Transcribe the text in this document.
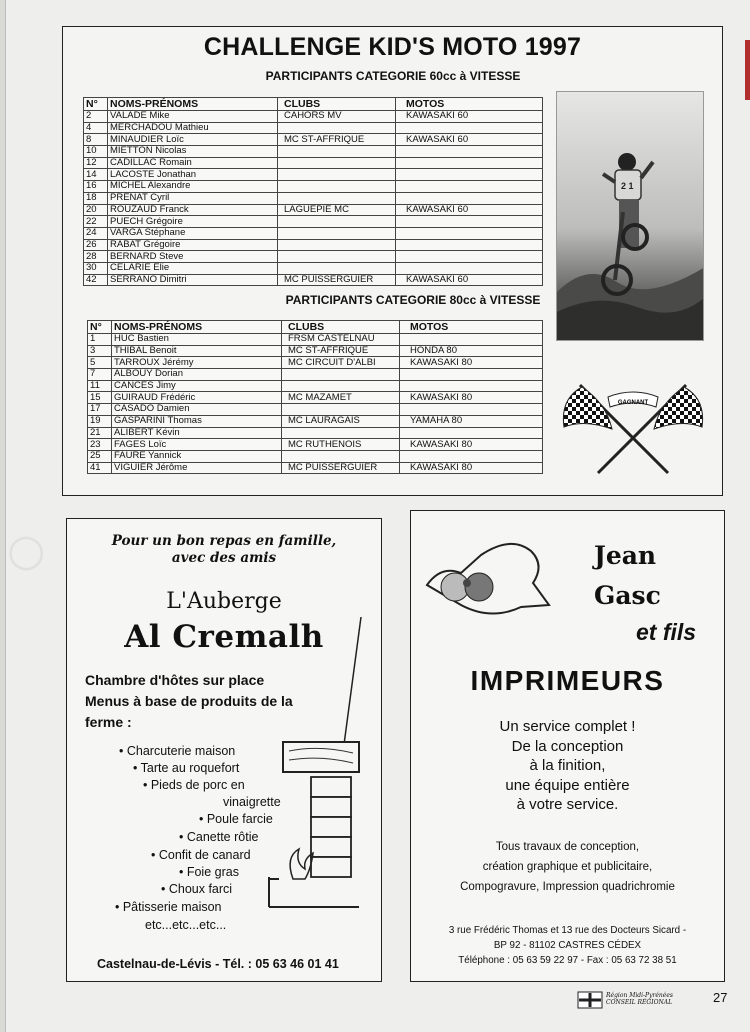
CHALLENGE KID'S MOTO 1997
PARTICIPANTS CATEGORIE 60cc à VITESSE
N°	NOMS-PRÉNOMS	CLUBS	MOTOS
2	VALADE Mike	CAHORS MV	KAWASAKI 60
4	MERCHADOU Mathieu		
8	MINAUDIER Loïc	MC ST-AFFRIQUE	KAWASAKI 60
10	MIETTON Nicolas		
12	CADILLAC Romain		
14	LACOSTE Jonathan		
16	MICHEL Alexandre		
18	PRENAT Cyril		
20	ROUZAUD Franck	LAGUEPIE MC	KAWASAKI 60
22	PUECH Grégoire		
24	VARGA Stéphane		
26	RABAT Grégoire		
28	BERNARD Steve		
30	CELARIE Elie		
42	SERRANO Dimitri	MC PUISSERGUIER	KAWASAKI 60
PARTICIPANTS CATEGORIE 80cc à VITESSE
N°	NOMS-PRÉNOMS	CLUBS	MOTOS
1	HUC Bastien	FRSM CASTELNAU	
3	THIBAL Benoit	MC ST-AFFRIQUE	HONDA 80
5	TARROUX Jérémy	MC CIRCUIT D'ALBI	KAWASAKI 80
7	ALBOUY Dorian		
11	CANCES Jimy		
15	GUIRAUD Frédéric	MC MAZAMET	KAWASAKI 80
17	CASADO Damien		
19	GASPARINI Thomas	MC LAURAGAIS	YAMAHA 80
21	ALIBERT Kévin		
23	FAGES Loïc	MC RUTHENOIS	KAWASAKI 80
25	FAURE Yannick		
41	VIGUIER Jérôme	MC PUISSERGUIER	KAWASAKI 80
2 1
GAGNANT
○	Pour un bon repas en famille, avec des amis
L'Auberge
Al Cremalh
Chambre d'hôtes sur place
Menus à base de produits de la ferme :
• Charcuterie maison
• Tarte au roquefort
• Pieds de porc en
vinaigrette
• Poule farcie
• Canette rôtie
• Confit de canard
• Foie gras
• Choux farci
• Pâtisserie maison
etc...etc...etc...
Castelnau-de-Lévis - Tél. : 05 63 46 01 41
Jean
Gasc
et fils
IMPRIMEURS
Un service complet !
De la conception
à la finition,
une équipe entière
à votre service.
Tous travaux de conception,
création graphique et publicitaire,
Compogravure, Impression quadrichromie
3 rue Frédéric Thomas et 13 rue des Docteurs Sicard -
BP 92 - 81102 CASTRES CÉDEX
Téléphone : 05 63 59 22 97 - Fax : 05 63 72 38 51
Région Midi-Pyrénées
CONSEIL RÉGIONAL	27
